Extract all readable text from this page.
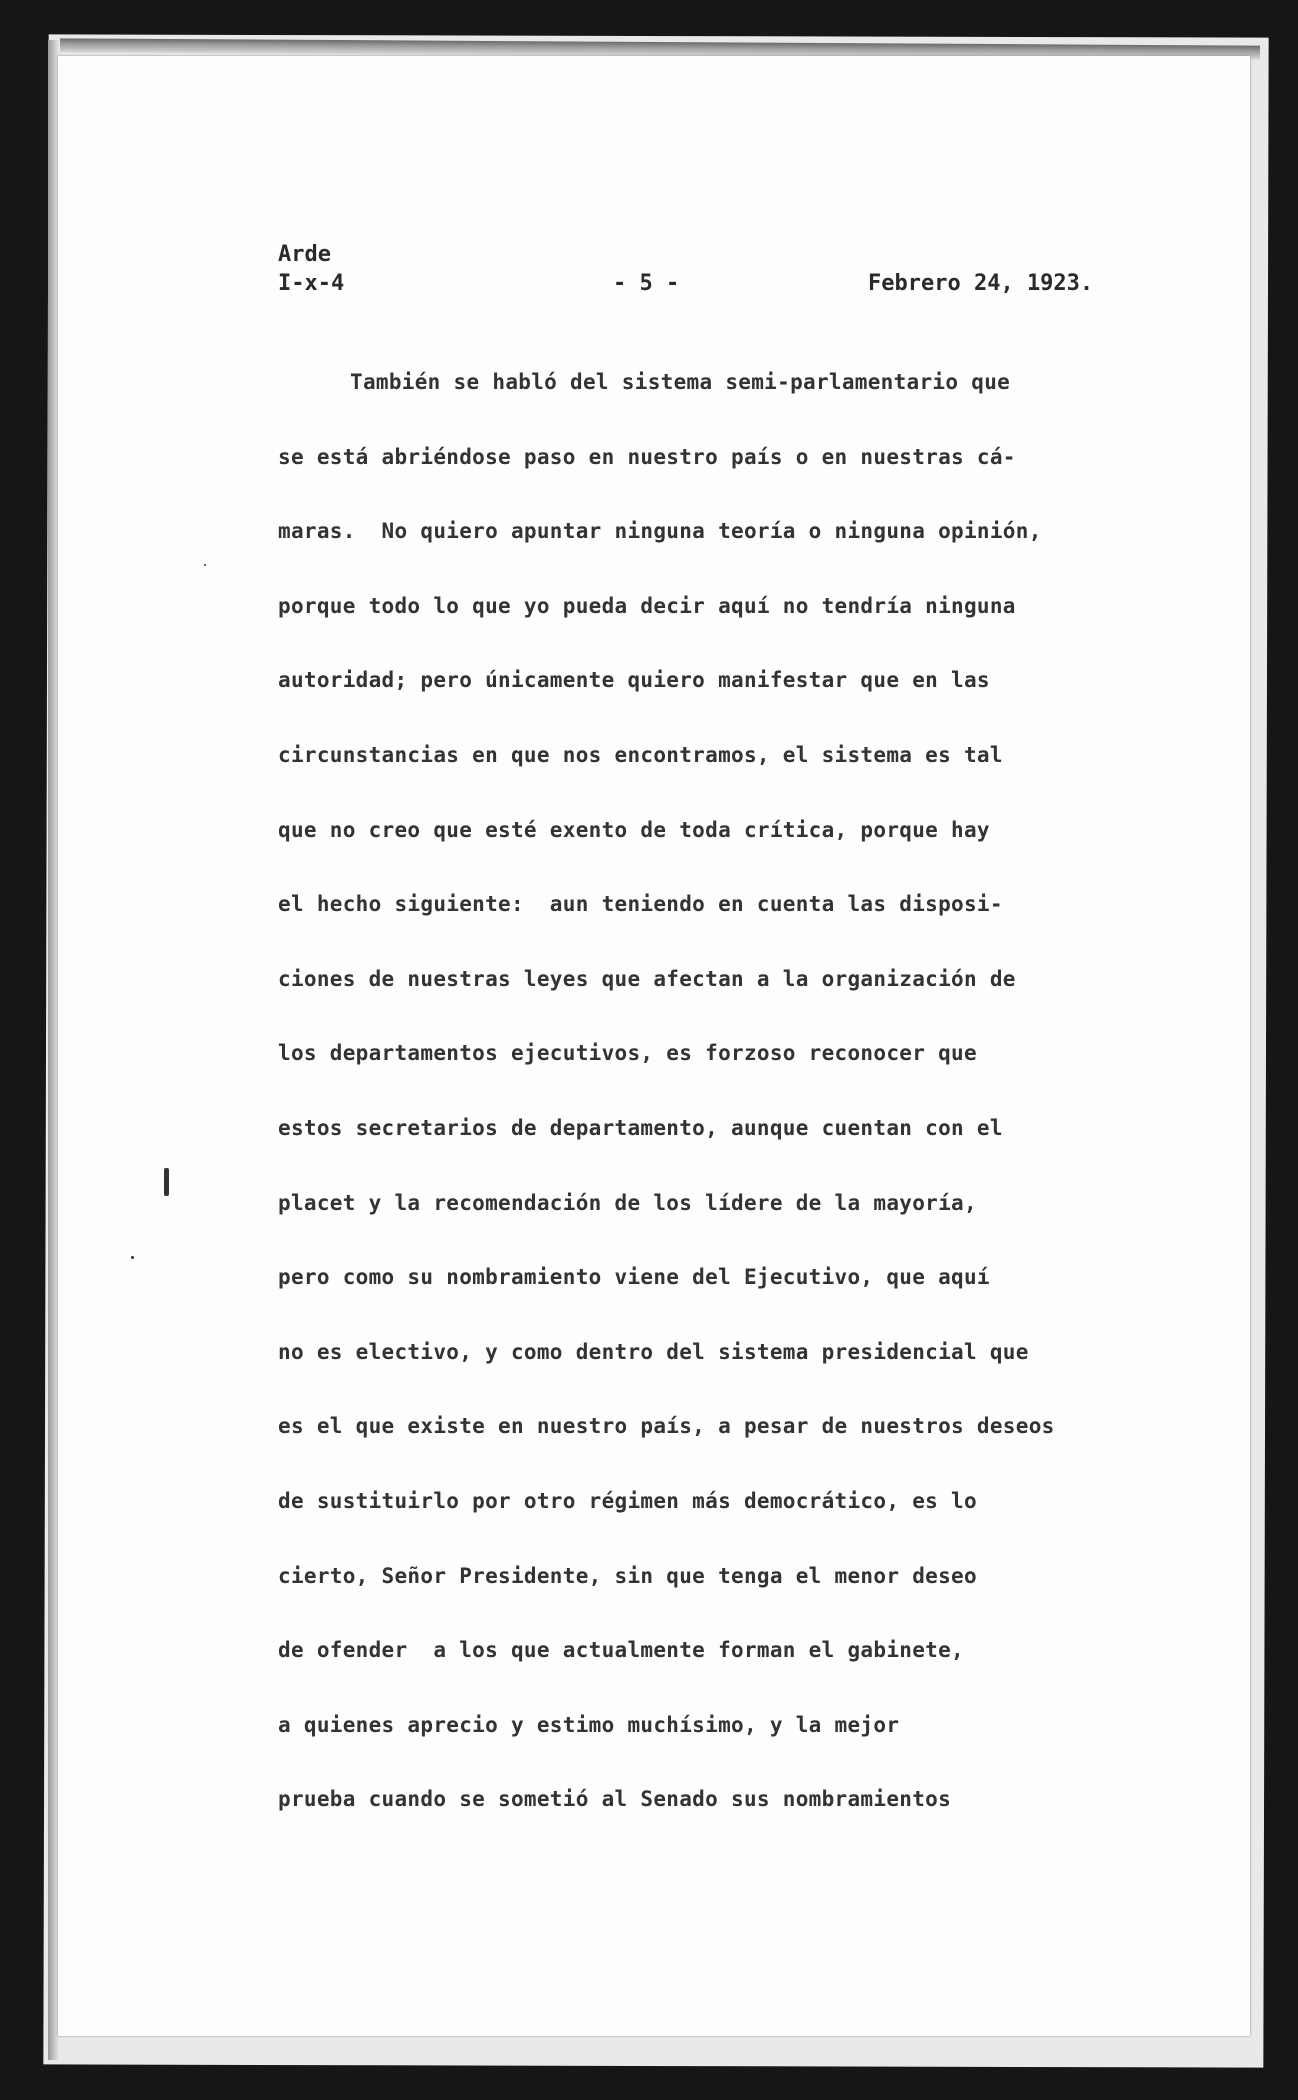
Arde
I-x-4	- 5 -	Febrero 24, 1923.
También se habló del sistema semi-parlamentario que
se está abriéndose paso en nuestro país o en nuestras cá-
maras.  No quiero apuntar ninguna teoría o ninguna opinión,
porque todo lo que yo pueda decir aquí no tendría ninguna
autoridad; pero únicamente quiero manifestar que en las
circunstancias en que nos encontramos, el sistema es tal
que no creo que esté exento de toda crítica, porque hay
el hecho siguiente:  aun teniendo en cuenta las disposi-
ciones de nuestras leyes que afectan a la organización de
los departamentos ejecutivos, es forzoso reconocer que
estos secretarios de departamento, aunque cuentan con el
placet y la recomendación de los lídere de la mayoría,
pero como su nombramiento viene del Ejecutivo, que aquí
no es electivo, y como dentro del sistema presidencial que
es el que existe en nuestro país, a pesar de nuestros deseos
de sustituirlo por otro régimen más democrático, es lo
cierto, Señor Presidente, sin que tenga el menor deseo
de ofender  a los que actualmente forman el gabinete,
a quienes aprecio y estimo muchísimo, y la mejor
prueba cuando se sometió al Senado sus nombramientos
